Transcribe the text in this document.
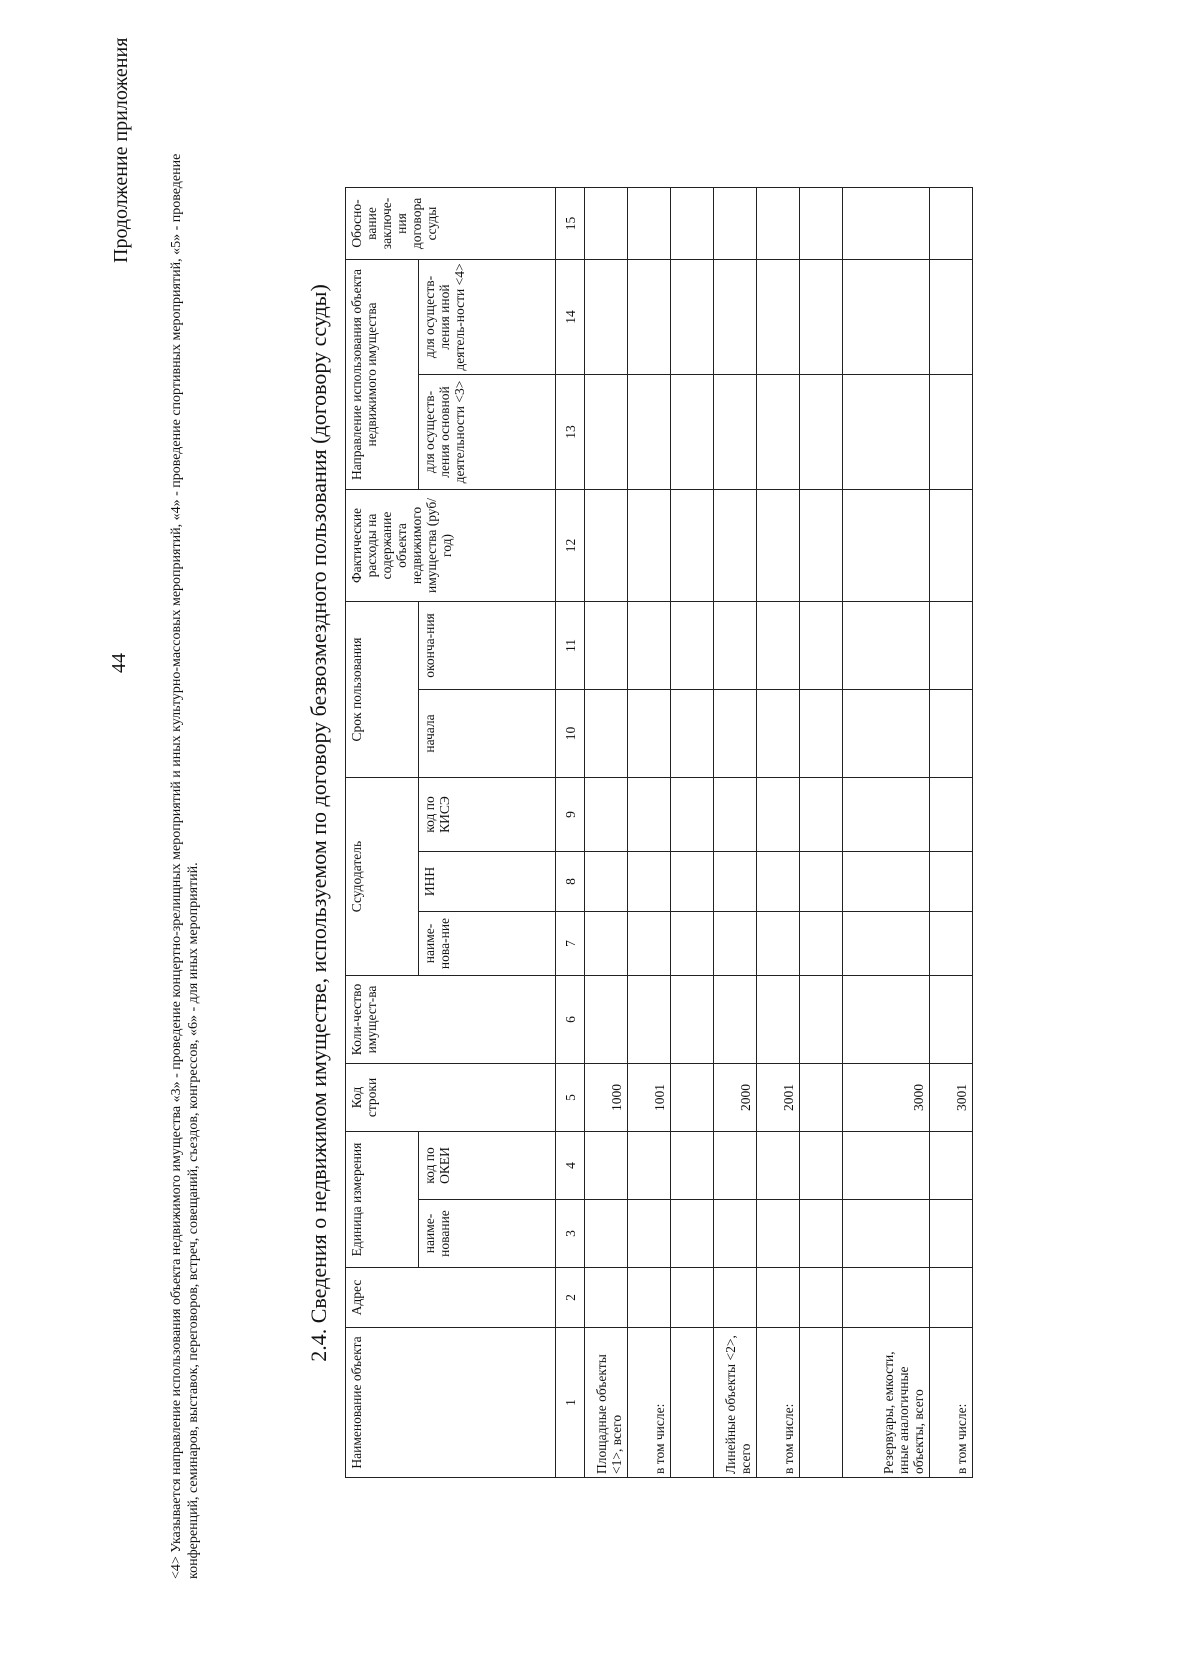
44
Продолжение приложения
<4> Указывается направление использования объекта недвижимого имущества «3» - проведение концертно-зрелищных мероприятий и иных культурно-массовых мероприятий, «4» - проведение спортивных мероприятий, «5» - проведение конференций, семинаров, выставок, переговоров, встреч, совещаний, съездов, конгрессов, «6» - для иных мероприятий.	2.4. Сведения о недвижимом имуществе, используемом по договору безвозмездного пользования (договору ссуды)
Наименование объекта	Адрес	Единица измерения		Код строки	Коли-чество имущест-ва	Ссудодатель			Срок пользования		Фактические расходы на содержание объекта недвижимого имущества (руб/год)	Направление использования объекта недвижимого имущества		Обосно-вание заключе-ния договора ссуды
		наиме-нование	код по ОКЕИ			наиме-нова-ние	ИНН	код по КИСЭ	начала	оконча-ния		для осуществ-ления основной деятельности <3>	для осуществ-ления иной деятель-ности <4>	
1	2	3	4	5	6	7	8	9	10	11	12	13	14	15
Площадные объекты <1>, всего				1000										
в том числе:				1001										

Линейные объекты <2>, всего				2000										
в том числе:				2001										

Резервуары, емкости, иные аналогичные объекты, всего				3000										
в том числе:				3001										
